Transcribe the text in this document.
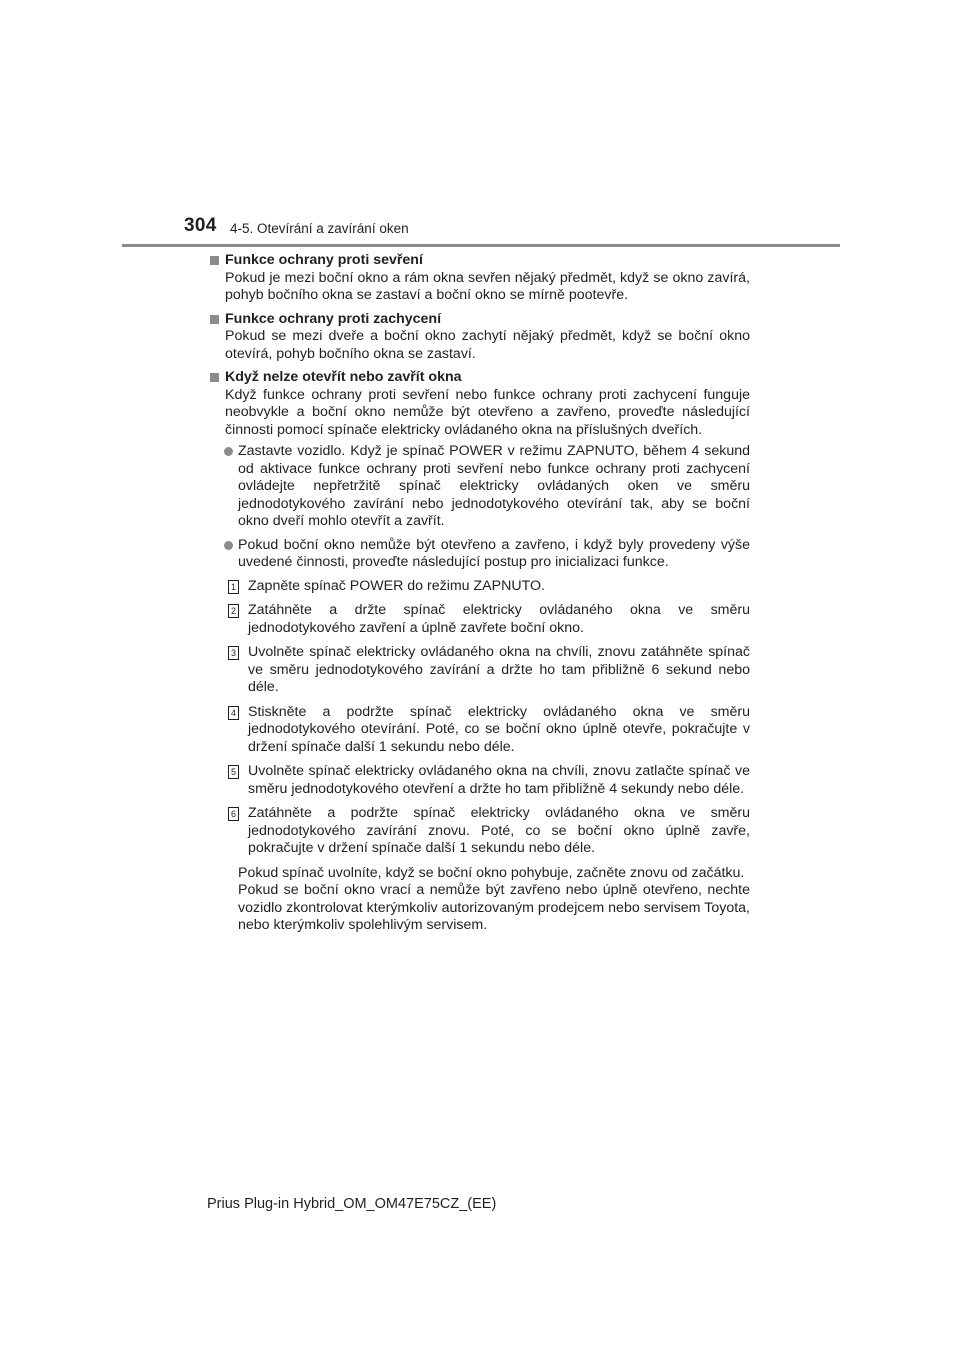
304 4-5. Otevírání a zavírání oken
Funkce ochrany proti sevření
Pokud je mezi boční okno a rám okna sevřen nějaký předmět, když se okno zavírá, pohyb bočního okna se zastaví a boční okno se mírně pootevře.
Funkce ochrany proti zachycení
Pokud se mezi dveře a boční okno zachytí nějaký předmět, když se boční okno otevírá, pohyb bočního okna se zastaví.
Když nelze otevřít nebo zavřít okna
Když funkce ochrany proti sevření nebo funkce ochrany proti zachycení funguje neobvykle a boční okno nemůže být otevřeno a zavřeno, proveďte následující činnosti pomocí spínače elektricky ovládaného okna na příslušných dveřích.
Zastavte vozidlo. Když je spínač POWER v režimu ZAPNUTO, během 4 sekund od aktivace funkce ochrany proti sevření nebo funkce ochrany proti zachycení ovládejte nepřetržitě spínač elektricky ovládaných oken ve směru jednodotykového zavírání nebo jednodotykového otevírání tak, aby se boční okno dveří mohlo otevřít a zavřít.
Pokud boční okno nemůže být otevřeno a zavřeno, i když byly provedeny výše uvedené činnosti, proveďte následující postup pro inicializaci funkce.
1 Zapněte spínač POWER do režimu ZAPNUTO.
2 Zatáhněte a držte spínač elektricky ovládaného okna ve směru jednodotykového zavření a úplně zavřete boční okno.
3 Uvolněte spínač elektricky ovládaného okna na chvíli, znovu zatáhněte spínač ve směru jednodotykového zavírání a držte ho tam přibližně 6 sekund nebo déle.
4 Stiskněte a podržte spínač elektricky ovládaného okna ve směru jednodotykového otevírání. Poté, co se boční okno úplně otevře, pokračujte v držení spínače další 1 sekundu nebo déle.
5 Uvolněte spínač elektricky ovládaného okna na chvíli, znovu zatlačte spínač ve směru jednodotykového otevření a držte ho tam přibližně 4 sekundy nebo déle.
6 Zatáhněte a podržte spínač elektricky ovládaného okna ve směru jednodotykového zavírání znovu. Poté, co se boční okno úplně zavře, pokračujte v držení spínače další 1 sekundu nebo déle.
Pokud spínač uvolníte, když se boční okno pohybuje, začněte znovu od začátku.
Pokud se boční okno vrací a nemůže být zavřeno nebo úplně otevřeno, nechte vozidlo zkontrolovat kterýmkoliv autorizovaným prodejcem nebo servisem Toyota, nebo kterýmkoliv spolehlivým servisem.
Prius Plug-in Hybrid_OM_OM47E75CZ_(EE)
